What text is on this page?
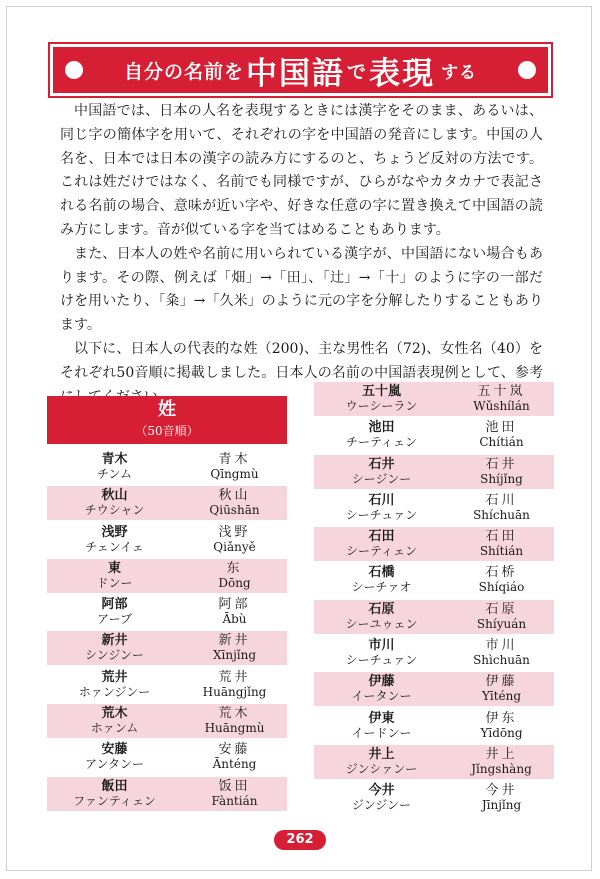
自分の名前を 中国語 で 表現 する

中国語では、日本の人名を表現するときには漢字をそのまま、あるいは、同じ字の簡体字を用いて、それぞれの字を中国語の発音にします。中国の人名を、日本では日本の漢字の読み方にするのと、ちょうど反対の方法です。これは姓だけではなく、名前でも同様ですが、ひらがなやカタカナで表記される名前の場合、意味が近い字や、好きな任意の字に置き換えて中国語の読み方にします。音が似ている字を当てはめることもあります。

また、日本人の姓や名前に用いられている漢字が、中国語にない場合もあります。その際、例えば「畑」→「田」、「辻」→「十」のように字の一部だけを用いたり、「粂」→「久米」のように元の字を分解したりすることもあります。

以下に、日本人の代表的な姓（200)、主な男性名（72)、女性名（40）をそれぞれ50音順に掲載しました。日本人の名前の中国語表現例として、参考

姓
（50音順）
青木
チンム
青木
Qīngmù
秋山
チウシャン
秋山
Qiūshān
浅野
チェンイェ
浅野
Qiǎnyě
東
ドンー
东
Dōng
阿部
アーブ
阿部
Ābù
新井
シンジンー
新井
Xīnjǐng
荒井
ホァンジンー
荒井
Huāngjǐng
荒木
ホァンム
荒木
Huāngmù
安藤
アンタンー
安藤
Ānténg
飯田
ファンティェン
饭田
Fàntián
五十嵐
ウーシーラン
五十岚
Wǔshílán
池田
チーティェン
池田
Chítián
石井
シージンー
石井
Shíjǐng
石川
シーチュァン
石川
Shíchuān
石田
シーティェン
石田
Shítián
石橋
シーチァオ
石桥
Shíqiáo
石原
シーユゥェン
石原
Shíyuán
市川
シーチュァン
市川
Shìchuān
伊藤
イータンー
伊藤
Yīténg
伊東
イードンー
伊东
Yīdōng
井上
ジンシァンー
井上
Jǐngshàng
今井
ジンジンー
今井
Jīnjǐng
262
